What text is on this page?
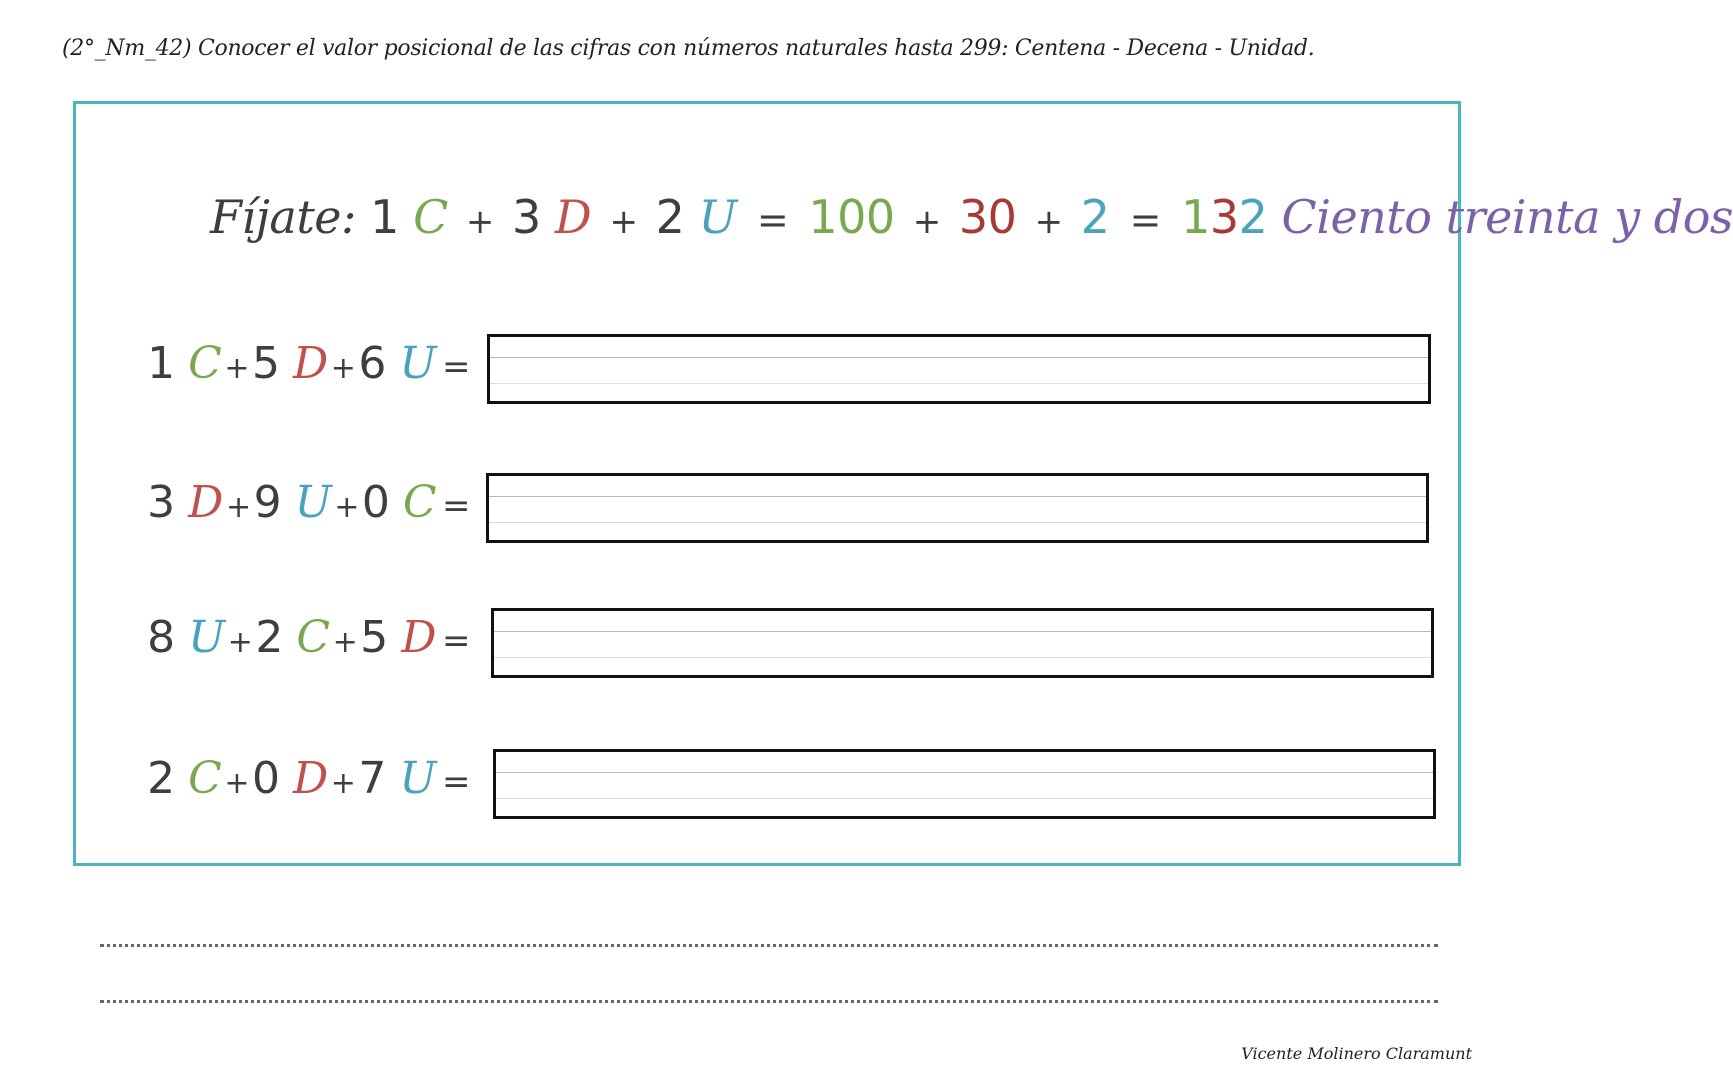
(2°_Nm_42) Conocer el valor posicional de las cifras con números naturales hasta 299: Centena - Decena - Unidad.
Fíjate: 1 C + 3 D + 2 U = 100 + 30 + 2 = 132 Ciento treinta y dos
1 C +5 D +6 U =
3 D +9 U +0 C =
8 U +2 C +5 D =
2 C +0 D +7 U =
Vicente Molinero Claramunt
